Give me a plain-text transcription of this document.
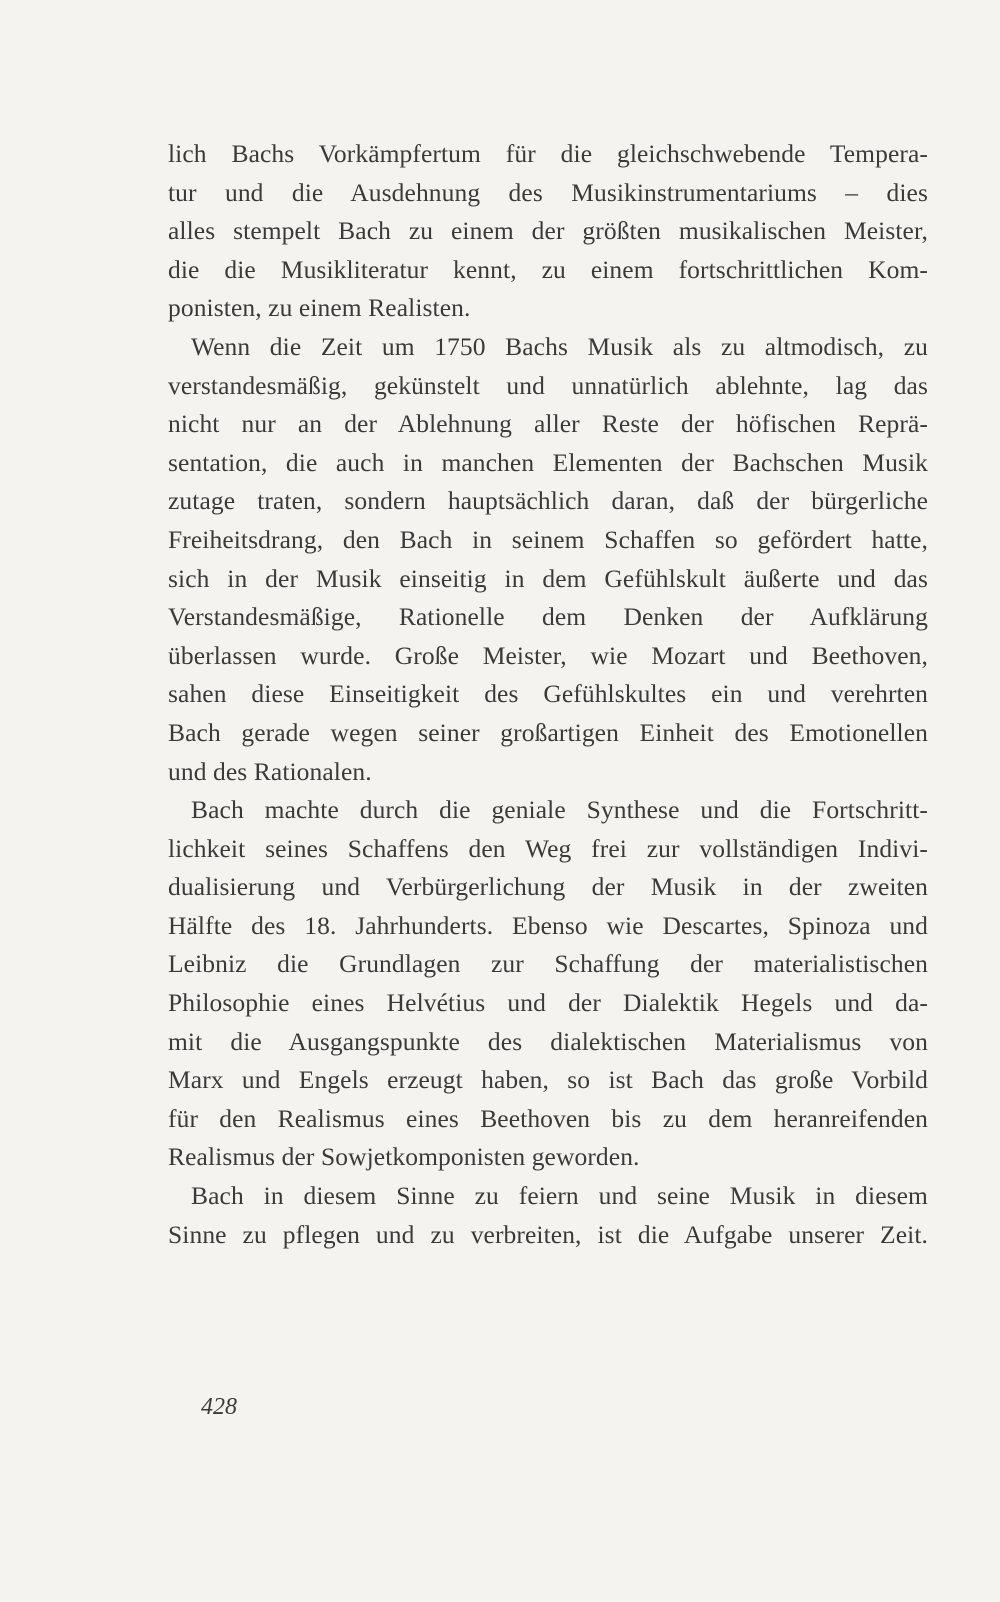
lich Bachs Vorkämpfertum für die gleichschwebende Tempera-
tur und die Ausdehnung des Musikinstrumentariums – dies
alles stempelt Bach zu einem der größten musikalischen Meister,
die die Musikliteratur kennt, zu einem fortschrittlichen Kom-
ponisten, zu einem Realisten.
Wenn die Zeit um 1750 Bachs Musik als zu altmodisch, zu
verstandesmäßig, gekünstelt und unnatürlich ablehnte, lag das
nicht nur an der Ablehnung aller Reste der höfischen Reprä-
sentation, die auch in manchen Elementen der Bachschen Musik
zutage traten, sondern hauptsächlich daran, daß der bürgerliche
Freiheitsdrang, den Bach in seinem Schaffen so gefördert hatte,
sich in der Musik einseitig in dem Gefühlskult äußerte und das
Verstandesmäßige, Rationelle dem Denken der Aufklärung
überlassen wurde. Große Meister, wie Mozart und Beethoven,
sahen diese Einseitigkeit des Gefühlskultes ein und verehrten
Bach gerade wegen seiner großartigen Einheit des Emotionellen
und des Rationalen.
Bach machte durch die geniale Synthese und die Fortschritt-
lichkeit seines Schaffens den Weg frei zur vollständigen Indivi-
dualisierung und Verbürgerlichung der Musik in der zweiten
Hälfte des 18. Jahrhunderts. Ebenso wie Descartes, Spinoza und
Leibniz die Grundlagen zur Schaffung der materialistischen
Philosophie eines Helvétius und der Dialektik Hegels und da-
mit die Ausgangspunkte des dialektischen Materialismus von
Marx und Engels erzeugt haben, so ist Bach das große Vorbild
für den Realismus eines Beethoven bis zu dem heranreifenden
Realismus der Sowjetkomponisten geworden.
Bach in diesem Sinne zu feiern und seine Musik in diesem
Sinne zu pflegen und zu verbreiten, ist die Aufgabe unserer Zeit.
428
